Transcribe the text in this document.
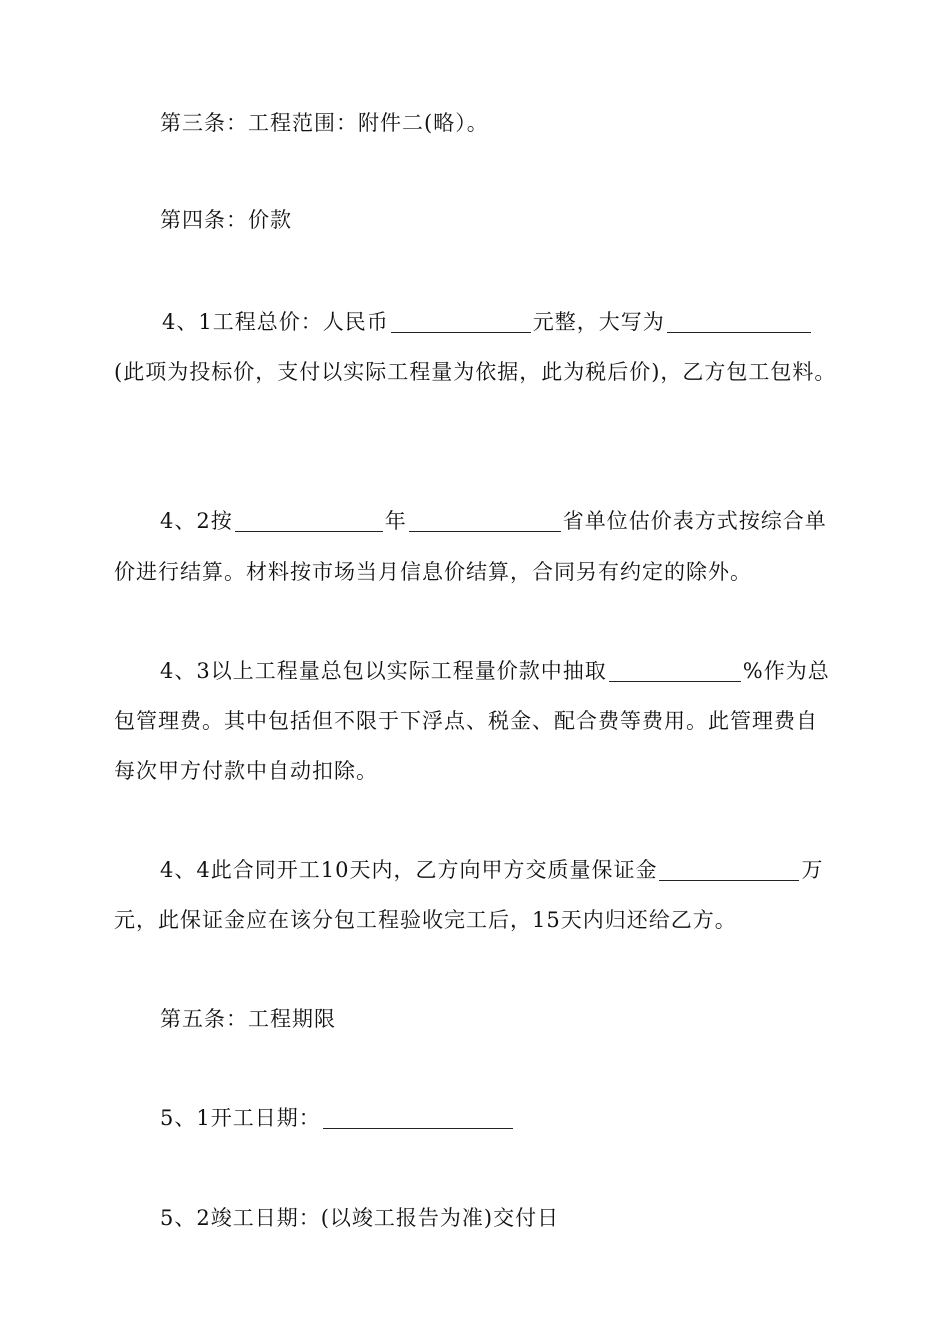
第三条：工程范围：附件二(略）。
第四条：价款
4、1工程总价：人民币	元整，大写为
(此项为投标价，支付以实际工程量为依据，此为税后价)，乙方包工包料。
4、2按	年	省单位估价表方式按综合单
价进行结算。材料按市场当月信息价结算，合同另有约定的除外。
4、3以上工程量总包以实际工程量价款中抽取	%作为总
包管理费。其中包括但不限于下浮点、税金、配合费等费用。此管理费自
每次甲方付款中自动扣除。
4、4此合同开工10天内，乙方向甲方交质量保证金	万
元，此保证金应在该分包工程验收完工后，15天内归还给乙方。
第五条：工程期限
5、1开工日期：
5、2竣工日期：(以竣工报告为准)交付日
